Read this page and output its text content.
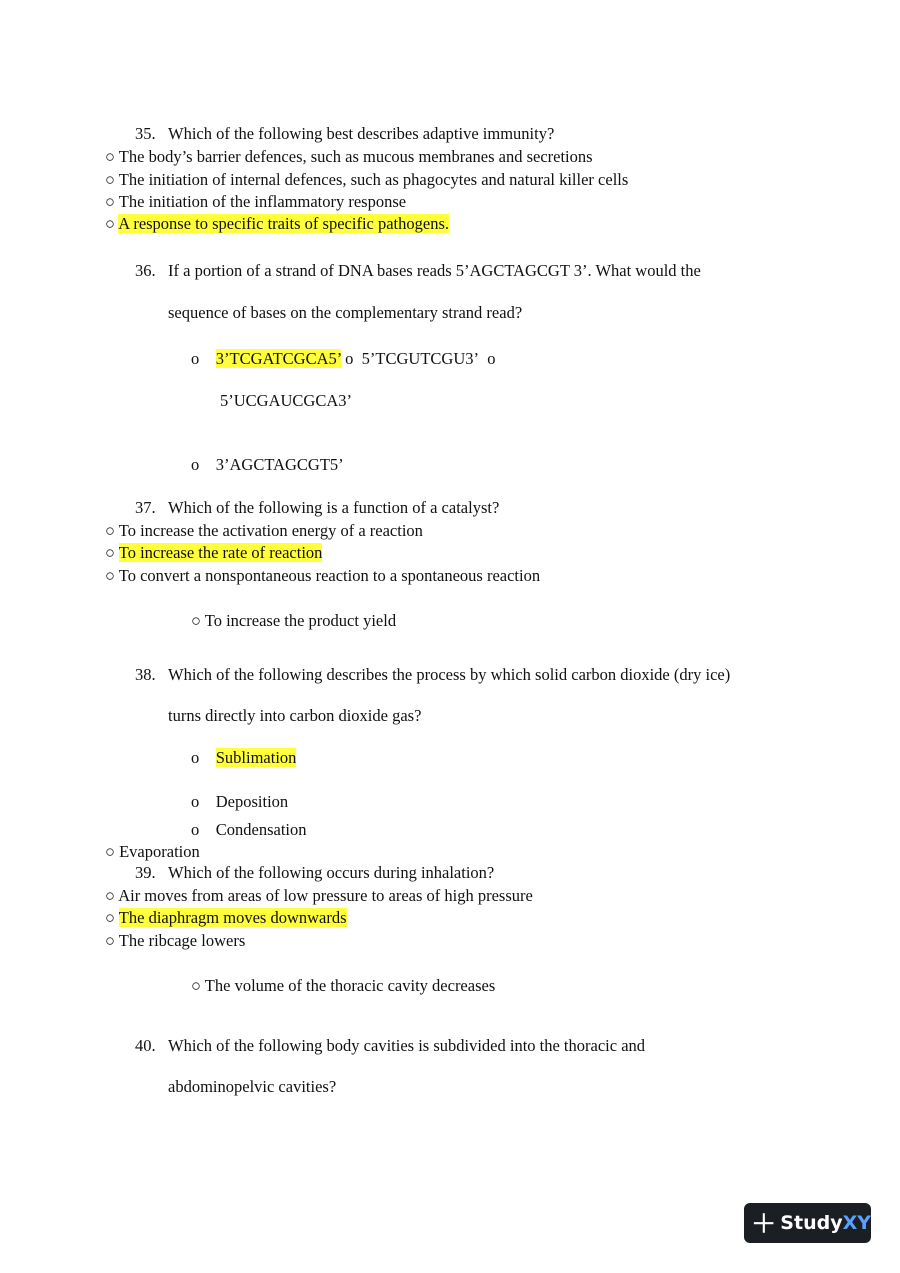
35. Which of the following best describes adaptive immunity?
○ The body’s barrier defences, such as mucous membranes and secretions
○ The initiation of internal defences, such as phagocytes and natural killer cells
○ The initiation of the inflammatory response
○ A response to specific traits of specific pathogens.
36. If a portion of a strand of DNA bases reads 5’AGCTAGCGT 3’. What would the
sequence of bases on the complementary strand read?
o 3’TCGATCGCA5’ o 5’TCGUTCGU3’ o
5’UCGAUCGCA3’
o 3’AGCTAGCGT5’
37. Which of the following is a function of a catalyst?
○ To increase the activation energy of a reaction
○ To increase the rate of reaction
○ To convert a nonspontaneous reaction to a spontaneous reaction
○ To increase the product yield
38. Which of the following describes the process by which solid carbon dioxide (dry ice)
turns directly into carbon dioxide gas?
o Sublimation
o Deposition
o Condensation
○ Evaporation
39. Which of the following occurs during inhalation?
○ Air moves from areas of low pressure to areas of high pressure
○ The diaphragm moves downwards
○ The ribcage lowers
○ The volume of the thoracic cavity decreases
40. Which of the following body cavities is subdivided into the thoracic and
abdominopelvic cavities?
Study XY
